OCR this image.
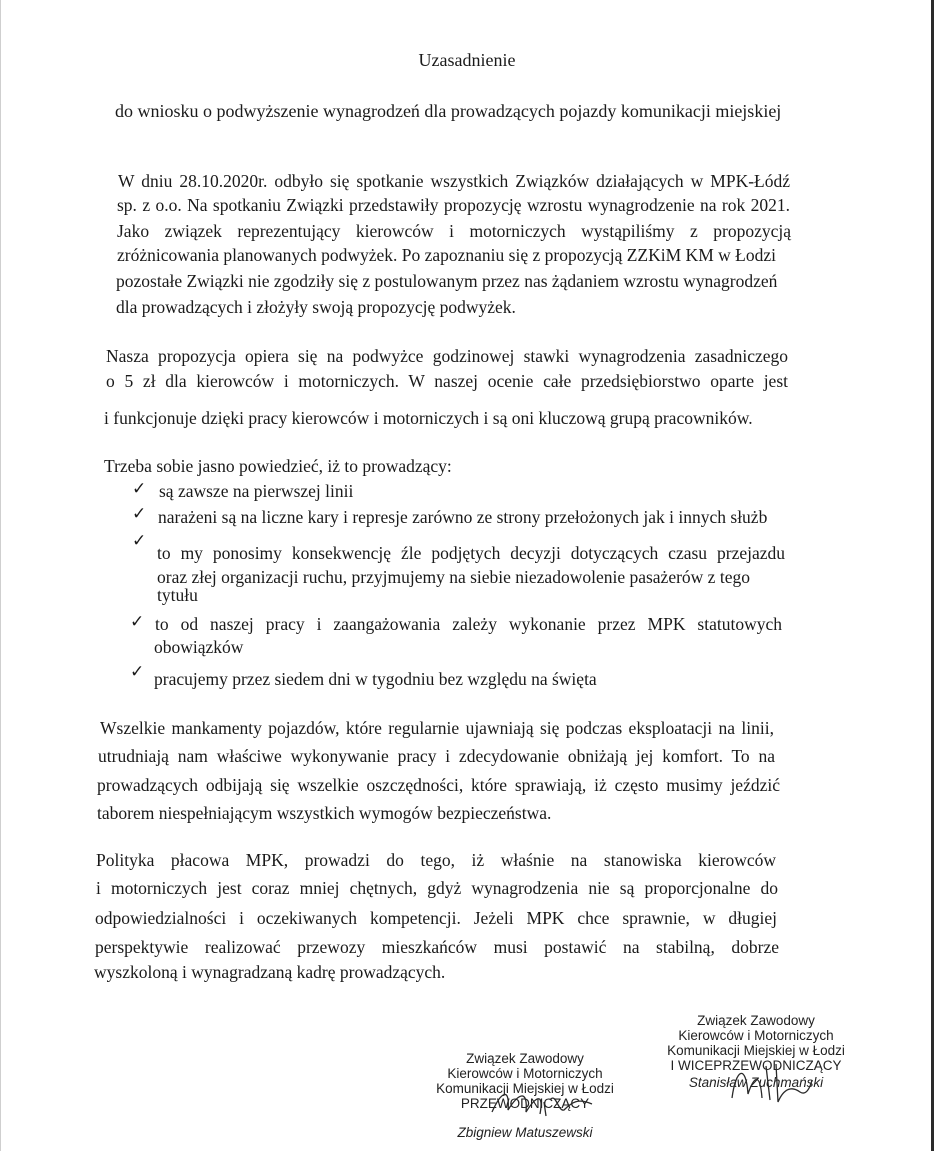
Uzasadnienie
do wniosku o podwyższenie wynagrodzeń dla prowadzących pojazdy komunikacji miejskiej
W dniu 28.10.2020r. odbyło się spotkanie wszystkich Związków działających w MPK-Łódź
sp. z o.o. Na spotkaniu Związki przedstawiły propozycję wzrostu wynagrodzenie na rok 2021.
Jako związek reprezentujący kierowców i motorniczych wystąpiliśmy z propozycją
zróżnicowania planowanych podwyżek. Po zapoznaniu się z propozycją ZZKiM KM w Łodzi
pozostałe Związki nie zgodziły się z postulowanym przez nas żądaniem wzrostu wynagrodzeń
dla prowadzących i złożyły swoją propozycję podwyżek.
Nasza propozycja opiera się na podwyżce godzinowej stawki wynagrodzenia zasadniczego
o 5 zł dla kierowców i motorniczych. W naszej ocenie całe przedsiębiorstwo oparte jest
i funkcjonuje dzięki pracy kierowców i motorniczych i są oni kluczową grupą pracowników.
Trzeba sobie jasno powiedzieć, iż to prowadzący:
✓ są zawsze na pierwszej linii
✓ narażeni są na liczne kary i represje zarówno ze strony przełożonych jak i innych służb
✓
to my ponosimy konsekwencję źle podjętych decyzji dotyczących czasu przejazdu
oraz złej organizacji ruchu, przyjmujemy na siebie niezadowolenie pasażerów z tego
tytułu
✓ to od naszej pracy i zaangażowania zależy wykonanie przez MPK statutowych
obowiązków
✓ pracujemy przez siedem dni w tygodniu bez względu na święta
Wszelkie mankamenty pojazdów, które regularnie ujawniają się podczas eksploatacji na linii,
utrudniają nam właściwe wykonywanie pracy i zdecydowanie obniżają jej komfort. To na
prowadzących odbijają się wszelkie oszczędności, które sprawiają, iż często musimy jeździć
taborem niespełniającym wszystkich wymogów bezpieczeństwa.
Polityka płacowa MPK, prowadzi do tego, iż właśnie na stanowiska kierowców
i motorniczych jest coraz mniej chętnych, gdyż wynagrodzenia nie są proporcjonalne do
odpowiedzialności i oczekiwanych kompetencji. Jeżeli MPK chce sprawnie, w długiej
perspektywie realizować przewozy mieszkańców musi postawić na stabilną, dobrze
wyszkoloną i wynagradzaną kadrę prowadzących.
Związek Zawodowy
Kierowców i Motorniczych
Komunikacji Miejskiej w Łodzi
PRZEWODNICZĄCY
Zbigniew Matuszewski
Związek Zawodowy
Kierowców i Motorniczych
Komunikacji Miejskiej w Łodzi
I WICEPRZEWODNICZĄCY
Stanisław Zuchmański
